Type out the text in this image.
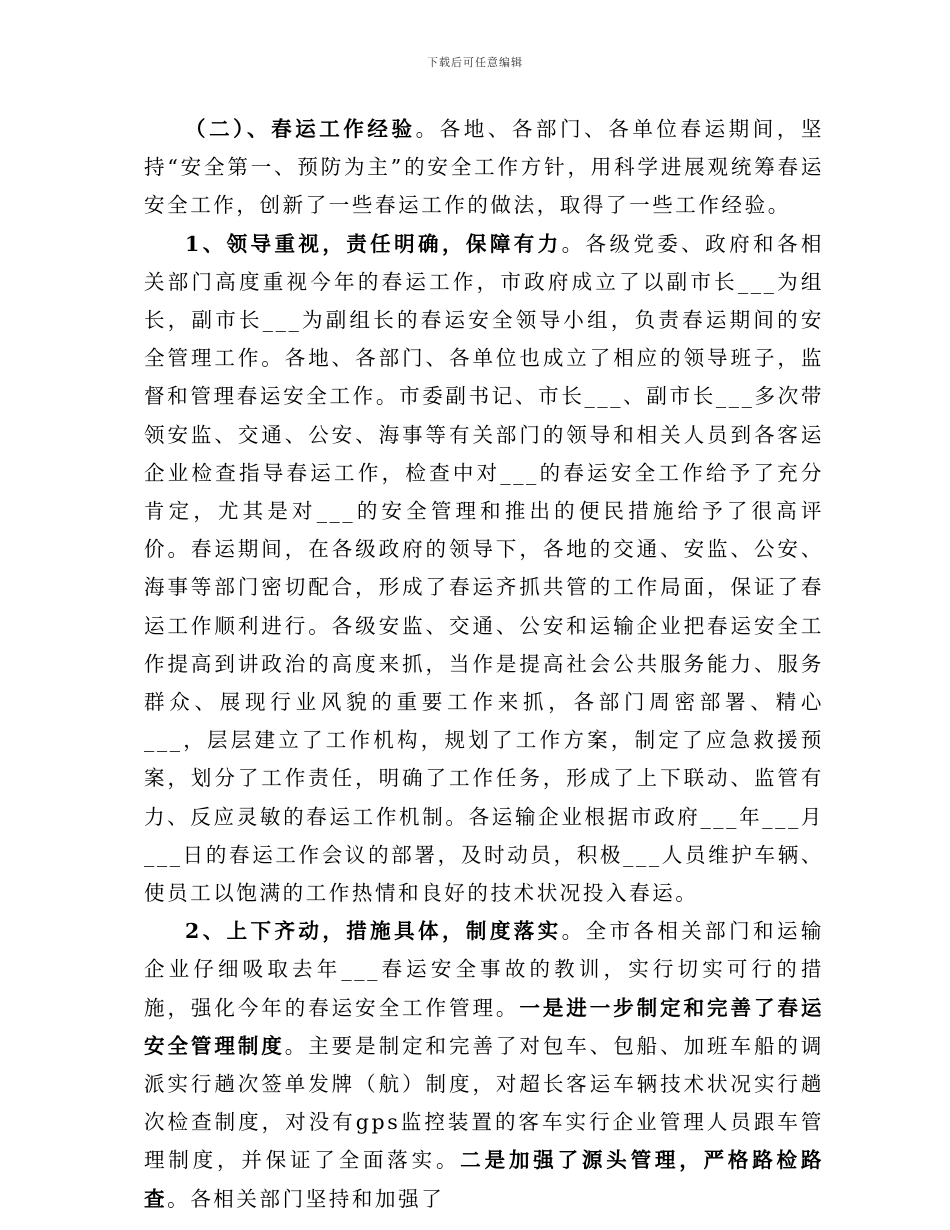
下载后可任意编辑

（二）、春运工作经验。各地、各部门、各单位春运期间，坚持“安全第一、预防为主”的安全工作方针，用科学进展观统筹春运安全工作，创新了一些春运工作的做法，取得了一些工作经验。

1、领导重视，责任明确，保障有力。各级党委、政府和各相关部门高度重视今年的春运工作，市政府成立了以副市长___为组长，副市长___为副组长的春运安全领导小组，负责春运期间的安全管理工作。各地、各部门、各单位也成立了相应的领导班子，监督和管理春运安全工作。市委副书记、市长___、副市长___多次带领安监、交通、公安、海事等有关部门的领导和相关人员到各客运企业检查指导春运工作，检查中对___的春运安全工作给予了充分肯定，尤其是对___的安全管理和推出的便民措施给予了很高评价。春运期间，在各级政府的领导下，各地的交通、安监、公安、海事等部门密切配合，形成了春运齐抓共管的工作局面，保证了春运工作顺利进行。各级安监、交通、公安和运输企业把春运安全工作提高到讲政治的高度来抓，当作是提高社会公共服务能力、服务群众、展现行业风貌的重要工作来抓，各部门周密部署、精心___，层层建立了工作机构，规划了工作方案，制定了应急救援预案，划分了工作责任，明确了工作任务，形成了上下联动、监管有力、反应灵敏的春运工作机制。各运输企业根据市政府___年___月___日的春运工作会议的部署，及时动员，积极___人员维护车辆、使员工以饱满的工作热情和良好的技术状况投入春运。

2、上下齐动，措施具体，制度落实。全市各相关部门和运输企业仔细吸取去年___春运安全事故的教训，实行切实可行的措施，强化今年的春运安全工作管理。一是进一步制定和完善了春运安全管理制度。主要是制定和完善了对包车、包船、加班车船的调派实行趟次签单发牌（航）制度，对超长客运车辆技术状况实行趟次检查制度，对没有gps监控装置的客车实行企业管理人员跟车管理制度，并保证了全面落实。二是加强了源头管理，严格路检路查。各相关部门坚持和加强了
